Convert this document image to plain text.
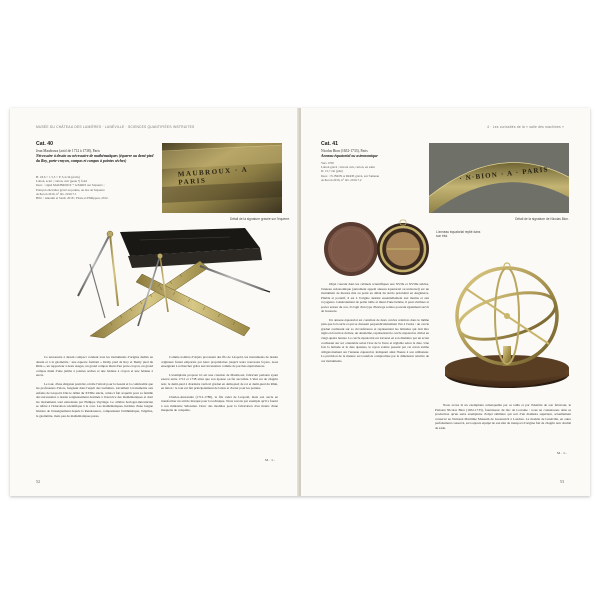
MUSÉE DU CHÂTEAU DES LUMIÈRES · LUNÉVILLE · SCIENCES QUANTIFIÉES INSTRUITES
Cat. 40
Jean Maubroux (actif de 1712 à 1738), Paris
Nécessaire à dessin ou nécessaire de mathématiques (équerre au demi-pied du Roy, porte-crayon, compas et compas à pointes sèches)
H. 18,6 × l. 5,5 × P. 3,4 cm (écrin)
Laiton, acier ; carton, cuir (peau ?) fond
Inscr. : signé MAUBROUX * A PARIS sur l'équerre ;
Poinçon chevalier gravé au pointe, au dos de l'équerre
Achat en 2016, n° inv. 2016.7.1
Bibl. : Antonin et Sault, 2018 ; Pirate et Philippon, 2012.
MAUBROUX · A PARIS
Détail de la signature gravée sur l'équerre.

Ce nécessaire à dessin compact contient tous les instruments d'origine dédiés au dessin et à la géométrie : une équerre formant « Demy pied de Roy et Demy pied du Rhin », un rapporteur à deux usages, un grand compas muni d'un porte-crayon, un grand compas muni d'une jambe à pointes sèches et une bédane à crayon et une bédane à encre.

Le tour, d'une élégante praticité, révèle l'attrait pour la beauté et la commodité que les professeurs d'alors, baignant dans l'esprit des Lumières, travaillent à transmettre aux enfants de Léopold. Dès le début du XVIIIe siècle, celui-ci fait acquérir pour sa famille des nécessaires à dessin soigneusement destinés à l'exercice des mathématiques et dont les instruments sont entretenus par Philippe Vayringe. Le célèbre horloger-mécanicien se réfère à l'éducation scientifique à la cour. Les mathématiques, héritées d'une longue histoire de l'enseignement depuis la Renaissance, comprennent l'arithmétique, l'algèbre, la géométrie, mais peu de mathématiques pures.

Comme nombre d'objets provenant des fils de Léopold, les instruments de dessin originaux furent emportés par leurs propriétaires jusqu'à leurs nouveaux foyers, nous enseignant à rechercher grâce aux inventaires comme de porches équivalences.

L'exemplaire proposé ici est une création de Maubroux, fabricant parisien ayant exercé entre 1712 et 1738 ainsi que son épouse ou fut succédée. L'étui est de chagrin noir, le demi-pied à charnière vertical gradué en demi-pied de roi et demi-pied du Rhin, en laiton : le tout est fait principalement de laiton et d'acier pour les pointes.

Charles-Alexandre (1712-1780), le fils cadet de Léopold, mais son oncle en transformer un article marqué pour la technique. Nous savons par exemple qu'il a fourni à son ministère Sébastien. Donc des modèles pour la fabrication d'au moins d'une maquette de catapulte.

M. L.
52
4 · Les curiosités de la « salle des machines »
Cat. 41
Nicolas Bion (1652-1733), Paris
Anneau équatorial ou astronomique
Vers 1700
Laiton gravé ; étui en cuir, carton, en satin
D. 15,7 cm (plié)
Inscr. : N. BION A PARIS gravé, sur l'anneau
Achat en 2016, n° inv. 2016.7.2	· N·BION · A · PARIS
Détail de la signature de Nicolas Bion.
L'anneau équatorial replié dans son étui.

Objet courant dans les cabinets scientifiques aux XVIIe et XVIIIe siècles, l'anneau astronomique (autrement appelé anneau équatorial ou universel) est un instrument de mesure mis au point au début du siècle précédent en Angleterre. Pliable et portatif, il est à l'origine destiné essentiellement aux marins et aux voyageurs. Généralement de petite taille et muni d'une bélière, il peut s'utiliser et porter autour du cou. Il s'agit d'un type d'horloge solaire pouvant également servir de boussole.

Un anneau équatorial est constitué de deux cercles relatives dans le même plan que la boucle et qui se dressent perpendiculairement l'un à l'autre : un cercle gradué coulissant sur sa circonférence et représentant les latitudes qui doit être réglé en fonction du lieu, un deuxième, représentant le cercle équatorial, divisé en vingt-quatre heures. Le cercle équatorial est traversé en son diamètre par un écran coulissant sur soi orientable selon l'axe de la Terre et réglable selon la date. Une fois la latitude et la date ajustées, le rayon solaire passant par cet écran tombe obligatoirement sur l'anneau équatorial, indiquant ainsi l'heure à son utilisateur. La précision de la mesure est toutefois compromise par la dimension relative de ces instruments.

Nous avons là un exemplaire remarquable par sa taille et par l'identité de son fabricant, le Parisien Nicolas Bion (1652-1733), fournisseur du duc de Lorraine : nous ne connaissons dans sa production qu'un autre exemplaire d'objet similaire qui soit d'un diamètre supérieur, actuellement conservé au National Maritime Museum de Greenwich à Londres. Le modèle de Lunéville, en outre parfaitement conservé, est toujours équipé de son étui de transport d'origine fait de chagrin noir doublé de satin.

M. L.
53
